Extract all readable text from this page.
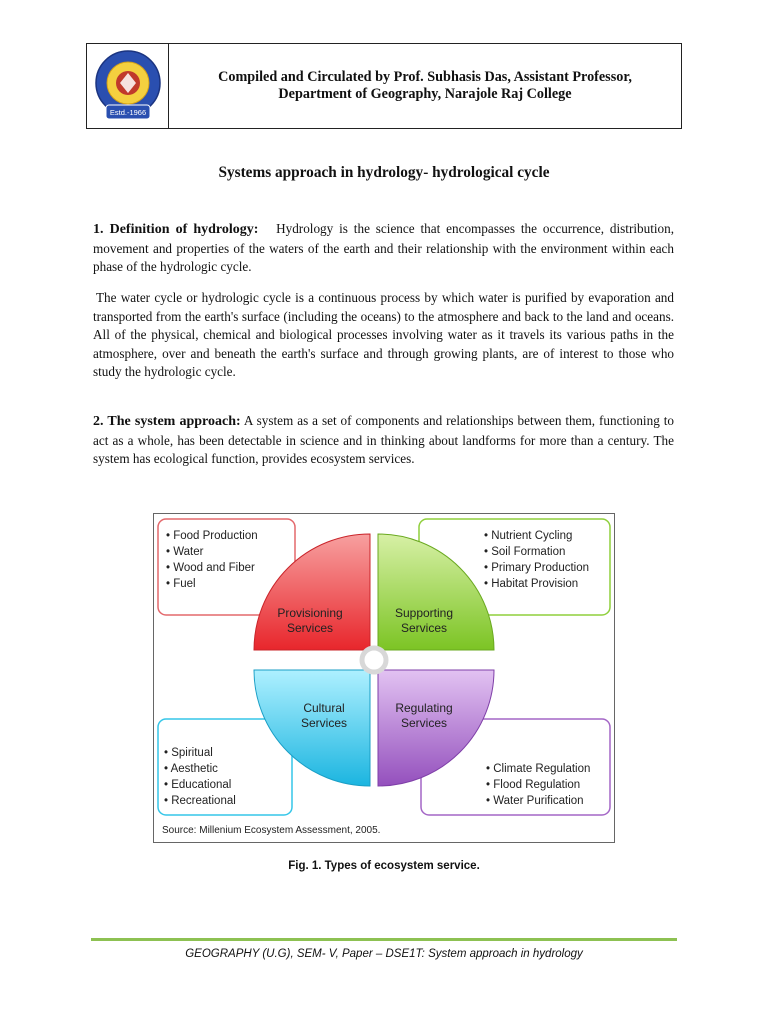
Estd.-1966
Compiled and Circulated by Prof. Subhasis Das, Assistant Professor,
Department of Geography, Narajole Raj College
Systems approach in hydrology- hydrological cycle
1. Definition of hydrology: Hydrology is the science that encompasses the occurrence, distribution, movement and properties of the waters of the earth and their relationship with the environment within each phase of the hydrologic cycle.
The water cycle or hydrologic cycle is a continuous process by which water is purified by evaporation and transported from the earth's surface (including the oceans) to the atmosphere and back to the land and oceans. All of the physical, chemical and biological processes involving water as it travels its various paths in the atmosphere, over and beneath the earth's surface and through growing plants, are of interest to those who study the hydrologic cycle.
2. The system approach: A system as a set of components and relationships between them, functioning to act as a whole, has been detectable in science and in thinking about landforms for more than a century. The system has ecological function, provides ecosystem services.
Provisioning
Services
Supporting
Services
Cultural
Services
Regulating
Services
• Food Production
• Water
• Wood and Fiber
• Fuel
• Nutrient Cycling
• Soil Formation
• Primary Production
• Habitat Provision
• Spiritual
• Aesthetic
• Educational
• Recreational
• Climate Regulation
• Flood Regulation
• Water Purification
Source: Millenium Ecosystem Assessment, 2005.
Fig. 1. Types of ecosystem service.
GEOGRAPHY (U.G), SEM- V, Paper – DSE1T: System approach in hydrology
